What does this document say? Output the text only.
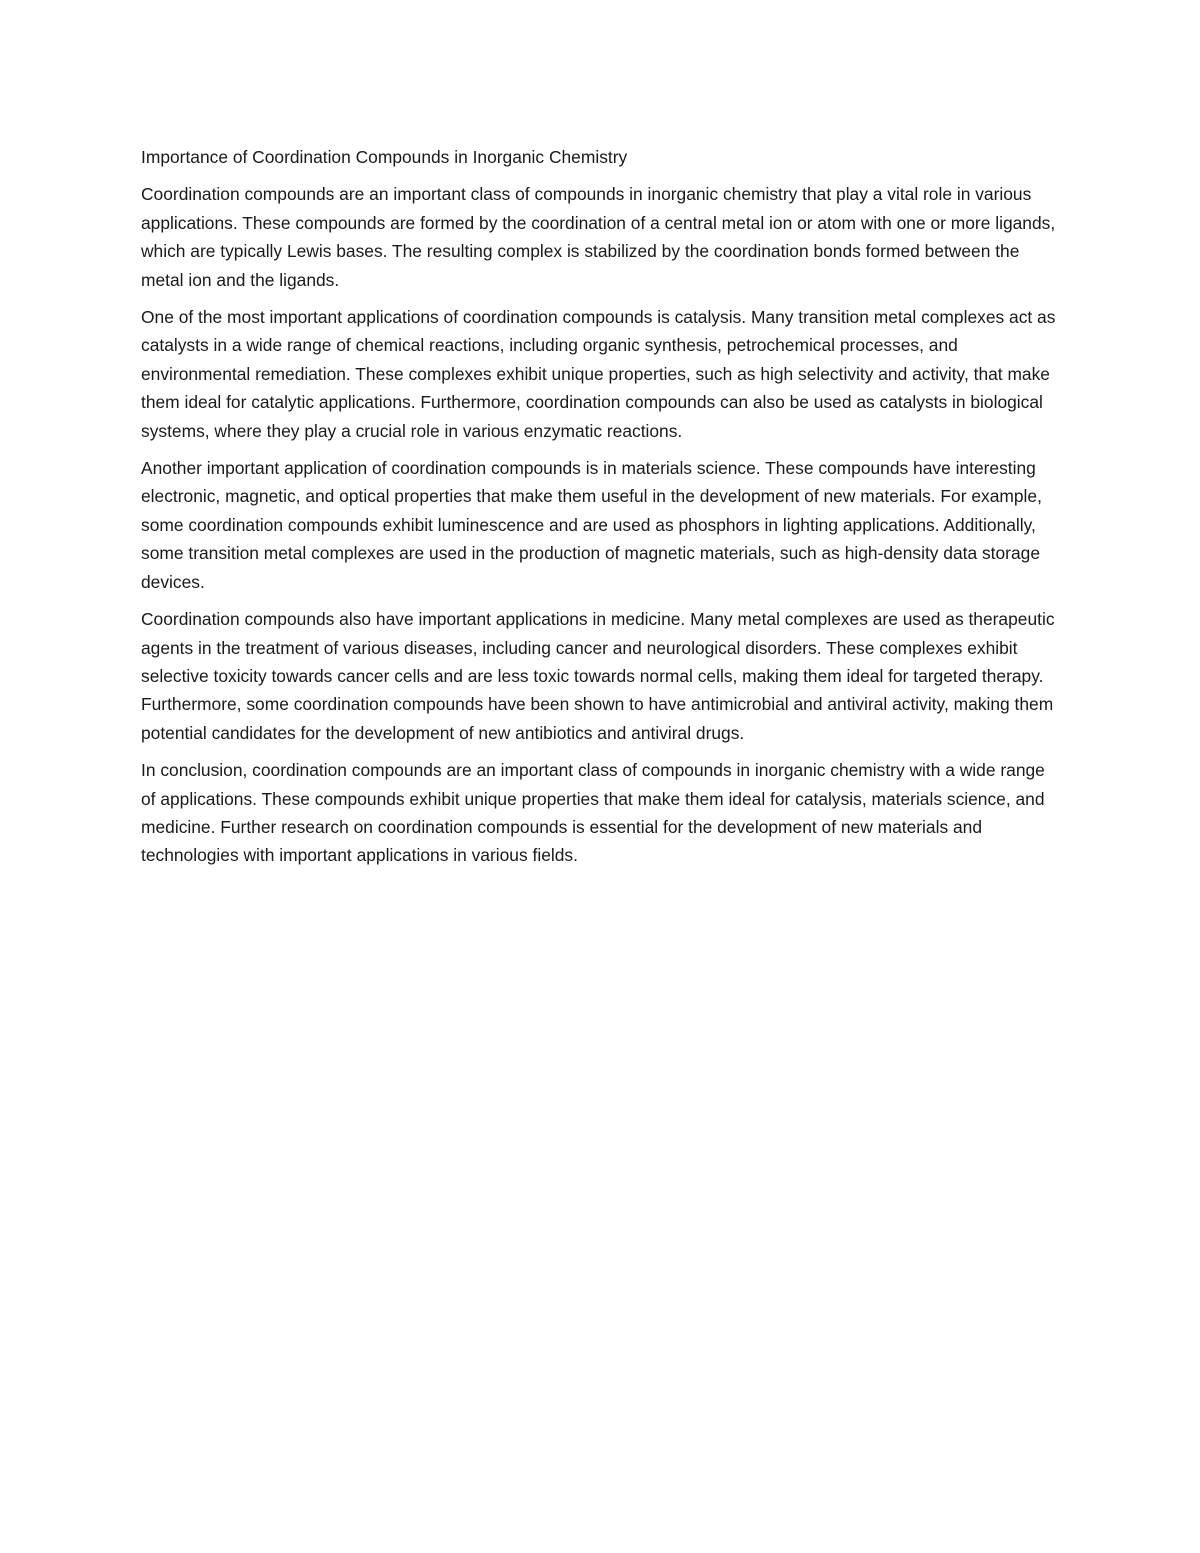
Importance of Coordination Compounds in Inorganic Chemistry

Coordination compounds are an important class of compounds in inorganic chemistry that play a vital role in various applications. These compounds are formed by the coordination of a central metal ion or atom with one or more ligands, which are typically Lewis bases. The resulting complex is stabilized by the coordination bonds formed between the metal ion and the ligands.

One of the most important applications of coordination compounds is catalysis. Many transition metal complexes act as catalysts in a wide range of chemical reactions, including organic synthesis, petrochemical processes, and environmental remediation. These complexes exhibit unique properties, such as high selectivity and activity, that make them ideal for catalytic applications. Furthermore, coordination compounds can also be used as catalysts in biological systems, where they play a crucial role in various enzymatic reactions.

Another important application of coordination compounds is in materials science. These compounds have interesting electronic, magnetic, and optical properties that make them useful in the development of new materials. For example, some coordination compounds exhibit luminescence and are used as phosphors in lighting applications. Additionally, some transition metal complexes are used in the production of magnetic materials, such as high-density data storage devices.

Coordination compounds also have important applications in medicine. Many metal complexes are used as therapeutic agents in the treatment of various diseases, including cancer and neurological disorders. These complexes exhibit selective toxicity towards cancer cells and are less toxic towards normal cells, making them ideal for targeted therapy. Furthermore, some coordination compounds have been shown to have antimicrobial and antiviral activity, making them potential candidates for the development of new antibiotics and antiviral drugs.

In conclusion, coordination compounds are an important class of compounds in inorganic chemistry with a wide range of applications. These compounds exhibit unique properties that make them ideal for catalysis, materials science, and medicine. Further research on coordination compounds is essential for the development of new materials and technologies with important applications in various fields.
